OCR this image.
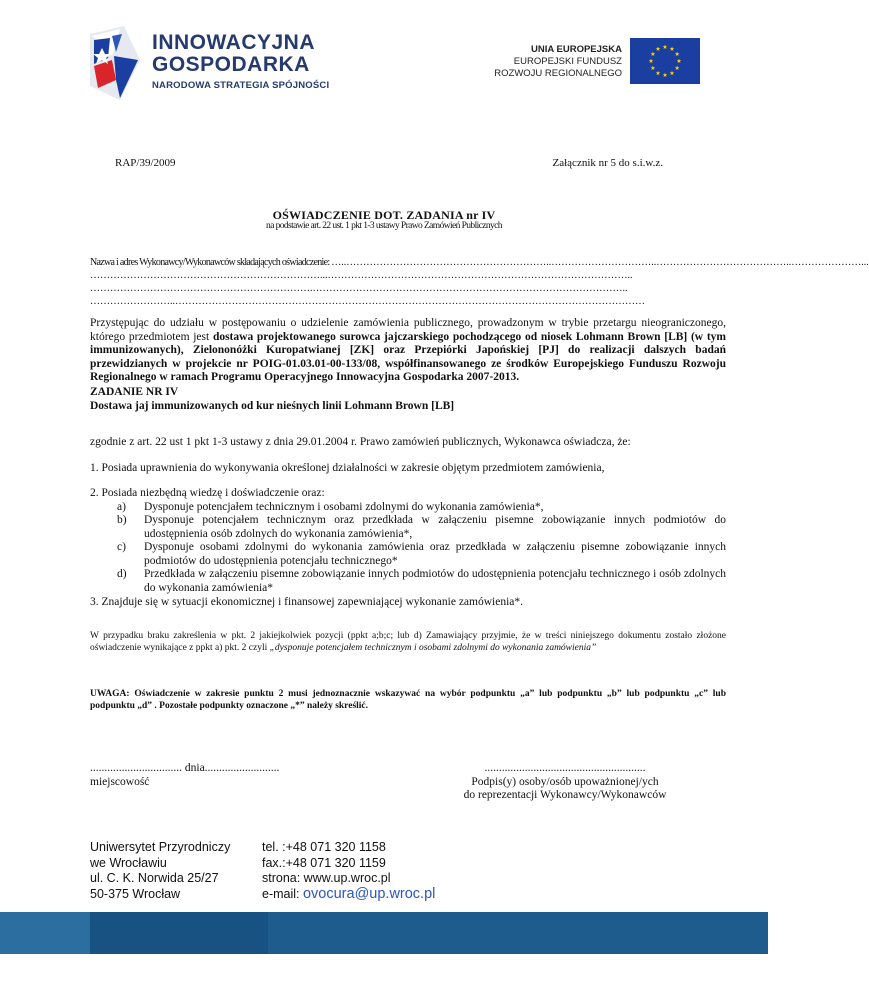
INNOWACYJNA
GOSPODARKA
NARODOWA STRATEGIA SPÓJNOŚCI
UNIA EUROPEJSKA
EUROPEJSKI FUNDUSZ
ROZWOJU REGIONALNEGO
RAP/39/2009	Załącznik nr 5 do s.i.w.z.
OŚWIADCZENIE DOT. ZADANIA nr IV
na podstawie art. 22 ust. 1 pkt 1-3 ustawy Prawo Zamówień Publicznych
Nazwa i adres Wykonawcy/Wykonawców składających oświadczenie: …..……………………………………………………..…………………………..…………………………………..…………………...
……………………………………………………………...………………………………………………………………………………..
………………………………………………………….…………………………………………………………………………………..
……………………..……………………………………………………………………………………………………………………………
Przystępując do udziału w postępowaniu o udzielenie zamówienia publicznego, prowadzonym w trybie przetargu nieograniczonego, którego przedmiotem jest dostawa projektowanego surowca jajczarskiego pochodzącego od niosek Lohmann Brown [LB] (w tym immunizowanych), Zielononóżki Kuropatwianej [ZK] oraz Przepiórki Japońskiej [PJ] do realizacji dalszych badań przewidzianych w projekcie nr POIG-01.03.01-00-133/08, współfinansowanego ze środków Europejskiego Funduszu Rozwoju Regionalnego w ramach Programu Operacyjnego Innowacyjna Gospodarka 2007-2013.
ZADANIE NR IV
Dostawa jaj immunizowanych od kur nieśnych linii Lohmann Brown [LB]
zgodnie z art. 22 ust 1 pkt 1-3 ustawy z dnia 29.01.2004 r. Prawo zamówień publicznych, Wykonawca oświadcza, że:
1. Posiada uprawnienia do wykonywania określonej działalności w zakresie objętym przedmiotem zamówienia,
2. Posiada niezbędną wiedzę i doświadczenie oraz:
a) Dysponuje potencjałem technicznym i osobami zdolnymi do wykonania zamówienia*,
b) Dysponuje potencjałem technicznym oraz przedkłada w załączeniu pisemne zobowiązanie innych podmiotów do udostępnienia osób zdolnych do wykonania zamówienia*,
c) Dysponuje osobami zdolnymi do wykonania zamówienia oraz przedkłada w załączeniu pisemne zobowiązanie innych podmiotów do udostępnienia potencjału technicznego*
d) Przedkłada w załączeniu pisemne zobowiązanie innych podmiotów do udostępnienia potencjału technicznego i osób zdolnych do wykonania zamówienia*
3. Znajduje się w sytuacji ekonomicznej i finansowej zapewniającej wykonanie zamówienia*.
W przypadku braku zakreślenia w pkt. 2 jakiejkolwiek pozycji (ppkt a;b;c; lub d) Zamawiający przyjmie, że w treści niniejszego dokumentu zostało złożone oświadczenie wynikające z ppkt a) pkt. 2 czyli „dysponuje potencjałem technicznym i osobami zdolnymi do wykonania zamówienia”
UWAGA: Oświadczenie w zakresie punktu 2 musi jednoznacznie wskazywać na wybór podpunktu „a” lub podpunktu „b” lub podpunktu „c” lub podpunktu „d” . Pozostałe podpunkty oznaczone „*” należy skreślić.
................................ dnia..........................
miejscowość
........................................................
Podpis(y) osoby/osób upoważnionej/ych
do reprezentacji Wykonawcy/Wykonawców
Uniwersytet Przyrodniczy
we Wrocławiu
ul. C. K. Norwida 25/27
50-375 Wrocław
tel. :+48 071 320 1158
fax.:+48 071 320 1159
strona: www.up.wroc.pl
e-mail: ovocura@up.wroc.pl
